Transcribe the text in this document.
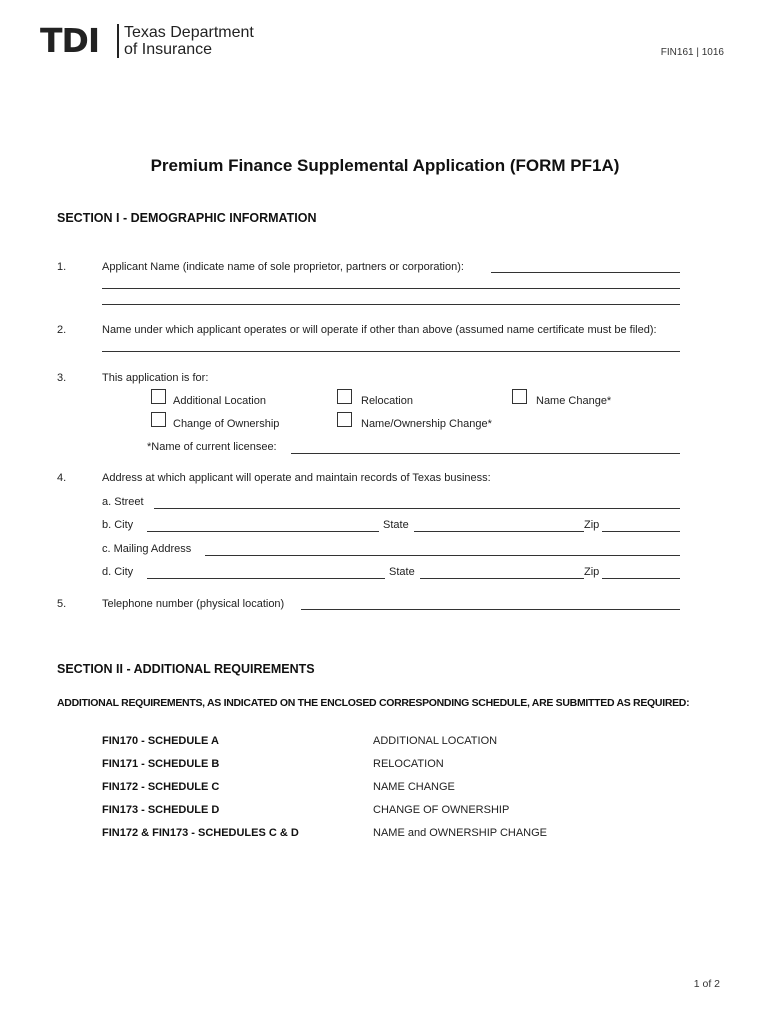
TDI Texas Department
of Insurance	FIN161 | 1016
Premium Finance Supplemental Application (FORM PF1A)
SECTION I - DEMOGRAPHIC INFORMATION
1.	Applicant Name (indicate name of sole proprietor, partners or corporation):
2.	Name under which applicant operates or will operate if other than above (assumed name certificate must be filed):
3.	This application is for:
Additional Location	Relocation	Name Change*
Change of Ownership	Name/Ownership Change*
*Name of current licensee:
4.	Address at which applicant will operate and maintain records of Texas business:
a. Street
b. City	State	Zip
c. Mailing Address
d. City	State	Zip
5.	Telephone number (physical location)
SECTION II - ADDITIONAL REQUIREMENTS
ADDITIONAL REQUIREMENTS, AS INDICATED ON THE ENCLOSED CORRESPONDING SCHEDULE, ARE SUBMITTED AS REQUIRED:
FIN170 - SCHEDULE A	ADDITIONAL LOCATION
FIN171 - SCHEDULE B	RELOCATION
FIN172 - SCHEDULE C	NAME CHANGE
FIN173 - SCHEDULE D	CHANGE OF OWNERSHIP
FIN172 & FIN173 - SCHEDULES C & D	NAME and OWNERSHIP CHANGE
1 of 2
